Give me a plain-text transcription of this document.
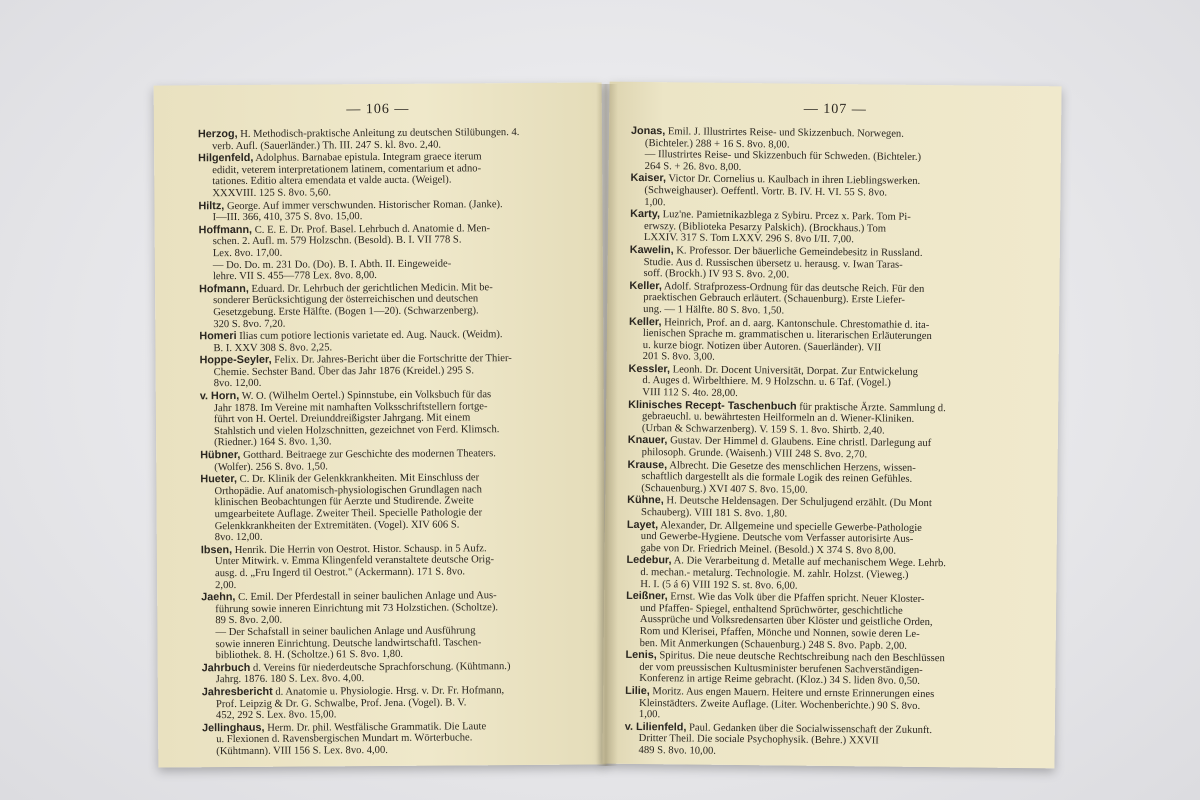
— 106 —
Herzog, H. Methodisch-praktische Anleitung zu deutschen Stilübungen. 4.
verb. Aufl. (Sauerländer.) Th. III. 247 S. kl. 8vo. 2,40.
Hilgenfeld, Adolphus. Barnabae epistula. Integram graece iterum
edidit, veterem interpretationem latinem, comentarium et adno-
tationes. Editio altera emendata et valde aucta. (Weigel).
XXXVIII. 125 S. 8vo. 5,60.
Hiltz, George. Auf immer verschwunden. Historischer Roman. (Janke).
I—III. 366, 410, 375 S. 8vo. 15,00.
Hoffmann, C. E. E. Dr. Prof. Basel. Lehrbuch d. Anatomie d. Men-
schen. 2. Aufl. m. 579 Holzschn. (Besold). B. I. VII 778 S.
Lex. 8vo. 17,00.
— Do. Do. m. 231 Do. (Do). B. I. Abth. II. Eingeweide-
lehre. VII S. 455—778 Lex. 8vo. 8,00.
Hofmann, Eduard. Dr. Lehrbuch der gerichtlichen Medicin. Mit be-
sonderer Berücksichtigung der österreichischen und deutschen
Gesetzgebung. Erste Hälfte. (Bogen 1—20). (Schwarzenberg).
320 S. 8vo. 7,20.
Homeri Ilias cum potiore lectionis varietate ed. Aug. Nauck. (Weidm).
B. I. XXV 308 S. 8vo. 2,25.
Hoppe-Seyler, Felix. Dr. Jahres-Bericht über die Fortschritte der Thier-
Chemie. Sechster Band. Über das Jahr 1876 (Kreidel.) 295 S.
8vo. 12,00.
v. Horn, W. O. (Wilhelm Oertel.) Spinnstube, ein Volksbuch für das
Jahr 1878. Im Vereine mit namhaften Volksschriftstellern fortge-
führt von H. Oertel. Dreiunddreißigster Jahrgang. Mit einem
Stahlstich und vielen Holzschnitten, gezeichnet von Ferd. Klimsch.
(Riedner.) 164 S. 8vo. 1,30.
Hübner, Gotthard. Beitraege zur Geschichte des modernen Theaters.
(Wolfer). 256 S. 8vo. 1,50.
Hueter, C. Dr. Klinik der Gelenkkrankheiten. Mit Einschluss der
Orthopädie. Auf anatomisch-physiologischen Grundlagen nach
klinischen Beobachtungen für Aerzte und Studirende. Zweite
umgearbeitete Auflage. Zweiter Theil. Specielle Pathologie der
Gelenkkrankheiten der Extremitäten. (Vogel). XIV 606 S.
8vo. 12,00.
Ibsen, Henrik. Die Herrin von Oestrot. Histor. Schausp. in 5 Aufz.
Unter Mitwirk. v. Emma Klingenfeld veranstaltete deutsche Orig-
ausg. d. „Fru Ingerd til Oestrot." (Ackermann). 171 S. 8vo.
2,00.
Jaehn, C. Emil. Der Pferdestall in seiner baulichen Anlage und Aus-
führung sowie inneren Einrichtung mit 73 Holzstichen. (Scholtze).
89 S. 8vo. 2,00.
— Der Schafstall in seiner baulichen Anlage und Ausführung
sowie inneren Einrichtung. Deutsche landwirtschaftl. Taschen-
bibliothek. 8. H. (Scholtze.) 61 S. 8vo. 1,80.
Jahrbuch d. Vereins für niederdeutsche Sprachforschung. (Kühtmann.)
Jahrg. 1876. 180 S. Lex. 8vo. 4,00.
Jahresbericht d. Anatomie u. Physiologie. Hrsg. v. Dr. Fr. Hofmann,
Prof. Leipzig & Dr. G. Schwalbe, Prof. Jena. (Vogel). B. V.
452, 292 S. Lex. 8vo. 15,00.
Jellinghaus, Herm. Dr. phil. Westfälische Grammatik. Die Laute
u. Flexionen d. Ravensbergischen Mundart m. Wörterbuche.
(Kühtmann). VIII 156 S. Lex. 8vo. 4,00.
— 107 —
Jonas, Emil. J. Illustrirtes Reise- und Skizzenbuch. Norwegen.
(Bichteler.) 288 + 16 S. 8vo. 8,00.
— Illustrirtes Reise- und Skizzenbuch für Schweden. (Bichteler.)
264 S. + 26. 8vo. 8,00.
Kaiser, Victor Dr. Cornelius u. Kaulbach in ihren Lieblingswerken.
(Schweighauser). Oeffentl. Vortr. B. IV. H. VI. 55 S. 8vo.
1,00.
Karty, Luz'ne. Pamietnikazblega z Sybiru. Prcez x. Park. Tom Pi-
erwszy. (Biblioteka Pesarzy Palskich). (Brockhaus.) Tom
LXXIV. 317 S. Tom LXXV. 296 S. 8vo I/II. 7,00.
Kawelin, K. Professor. Der bäuerliche Gemeindebesitz in Russland.
Studie. Aus d. Russischen übersetz u. herausg. v. Iwan Taras-
soff. (Brockh.) IV 93 S. 8vo. 2,00.
Keller, Adolf. Strafprozess-Ordnung für das deutsche Reich. Für den
praektischen Gebrauch erläutert. (Schauenburg). Erste Liefer-
ung. — 1 Hälfte. 80 S. 8vo. 1,50.
Keller, Heinrich, Prof. an d. aarg. Kantonschule. Chrestomathie d. ita-
lienischen Sprache m. grammatischen u. literarischen Erläuterungen
u. kurze biogr. Notizen über Autoren. (Sauerländer). VII
201 S. 8vo. 3,00.
Kessler, Leonh. Dr. Docent Universität, Dorpat. Zur Entwickelung
d. Auges d. Wirbelthiere. M. 9 Holzschn. u. 6 Taf. (Vogel.)
VIII 112 S. 4to. 28,00.
Klinisches Recept- Taschenbuch für praktische Ärzte. Sammlung d.
gebraeuchl. u. bewährtesten Heilformeln an d. Wiener-Kliniken.
(Urban & Schwarzenberg). V. 159 S. 1. 8vo. Shirtb. 2,40.
Knauer, Gustav. Der Himmel d. Glaubens. Eine christl. Darlegung auf
philosoph. Grunde. (Waisenh.) VIII 248 S. 8vo. 2,70.
Krause, Albrecht. Die Gesetze des menschlichen Herzens, wissen-
schaftlich dargestellt als die formale Logik des reinen Gefühles.
(Schauenburg.) XVI 407 S. 8vo. 15,00.
Kühne, H. Deutsche Heldensagen. Der Schuljugend erzählt. (Du Mont
Schauberg). VIII 181 S. 8vo. 1,80.
Layet, Alexander, Dr. Allgemeine und specielle Gewerbe-Pathologie
und Gewerbe-Hygiene. Deutsche vom Verfasser autorisirte Aus-
gabe von Dr. Friedrich Meinel. (Besold.) X 374 S. 8vo 8,00.
Ledebur, A. Die Verarbeitung d. Metalle auf mechanischem Wege. Lehrb.
d. mechan.- metalurg. Technologie. M. zahlr. Holzst. (Vieweg.)
H. I. (5 á 6) VIII 192 S. st. 8vo. 6,00.
Leißner, Ernst. Wie das Volk über die Pfaffen spricht. Neuer Kloster-
und Pfaffen- Spiegel, enthaltend Sprüchwörter, geschichtliche
Aussprüche und Volksredensarten über Klöster und geistliche Orden,
Rom und Klerisei, Pfaffen, Mönche und Nonnen, sowie deren Le-
ben. Mit Anmerkungen (Schauenburg.) 248 S. 8vo. Papb. 2,00.
Lenis, Spiritus. Die neue deutsche Rechtschreibung nach den Beschlüssen
der vom preussischen Kultusminister berufenen Sachverständigen-
Konferenz in artige Reime gebracht. (Kloz.) 34 S. liden 8vo. 0,50.
Lilie, Moritz. Aus engen Mauern. Heitere und ernste Erinnerungen eines
Kleinstädters. Zweite Auflage. (Liter. Wochenberichte.) 90 S. 8vo.
1,00.
v. Lilienfeld, Paul. Gedanken über die Socialwissenschaft der Zukunft.
Dritter Theil. Die sociale Psychophysik. (Behre.) XXVII
489 S. 8vo. 10,00.
